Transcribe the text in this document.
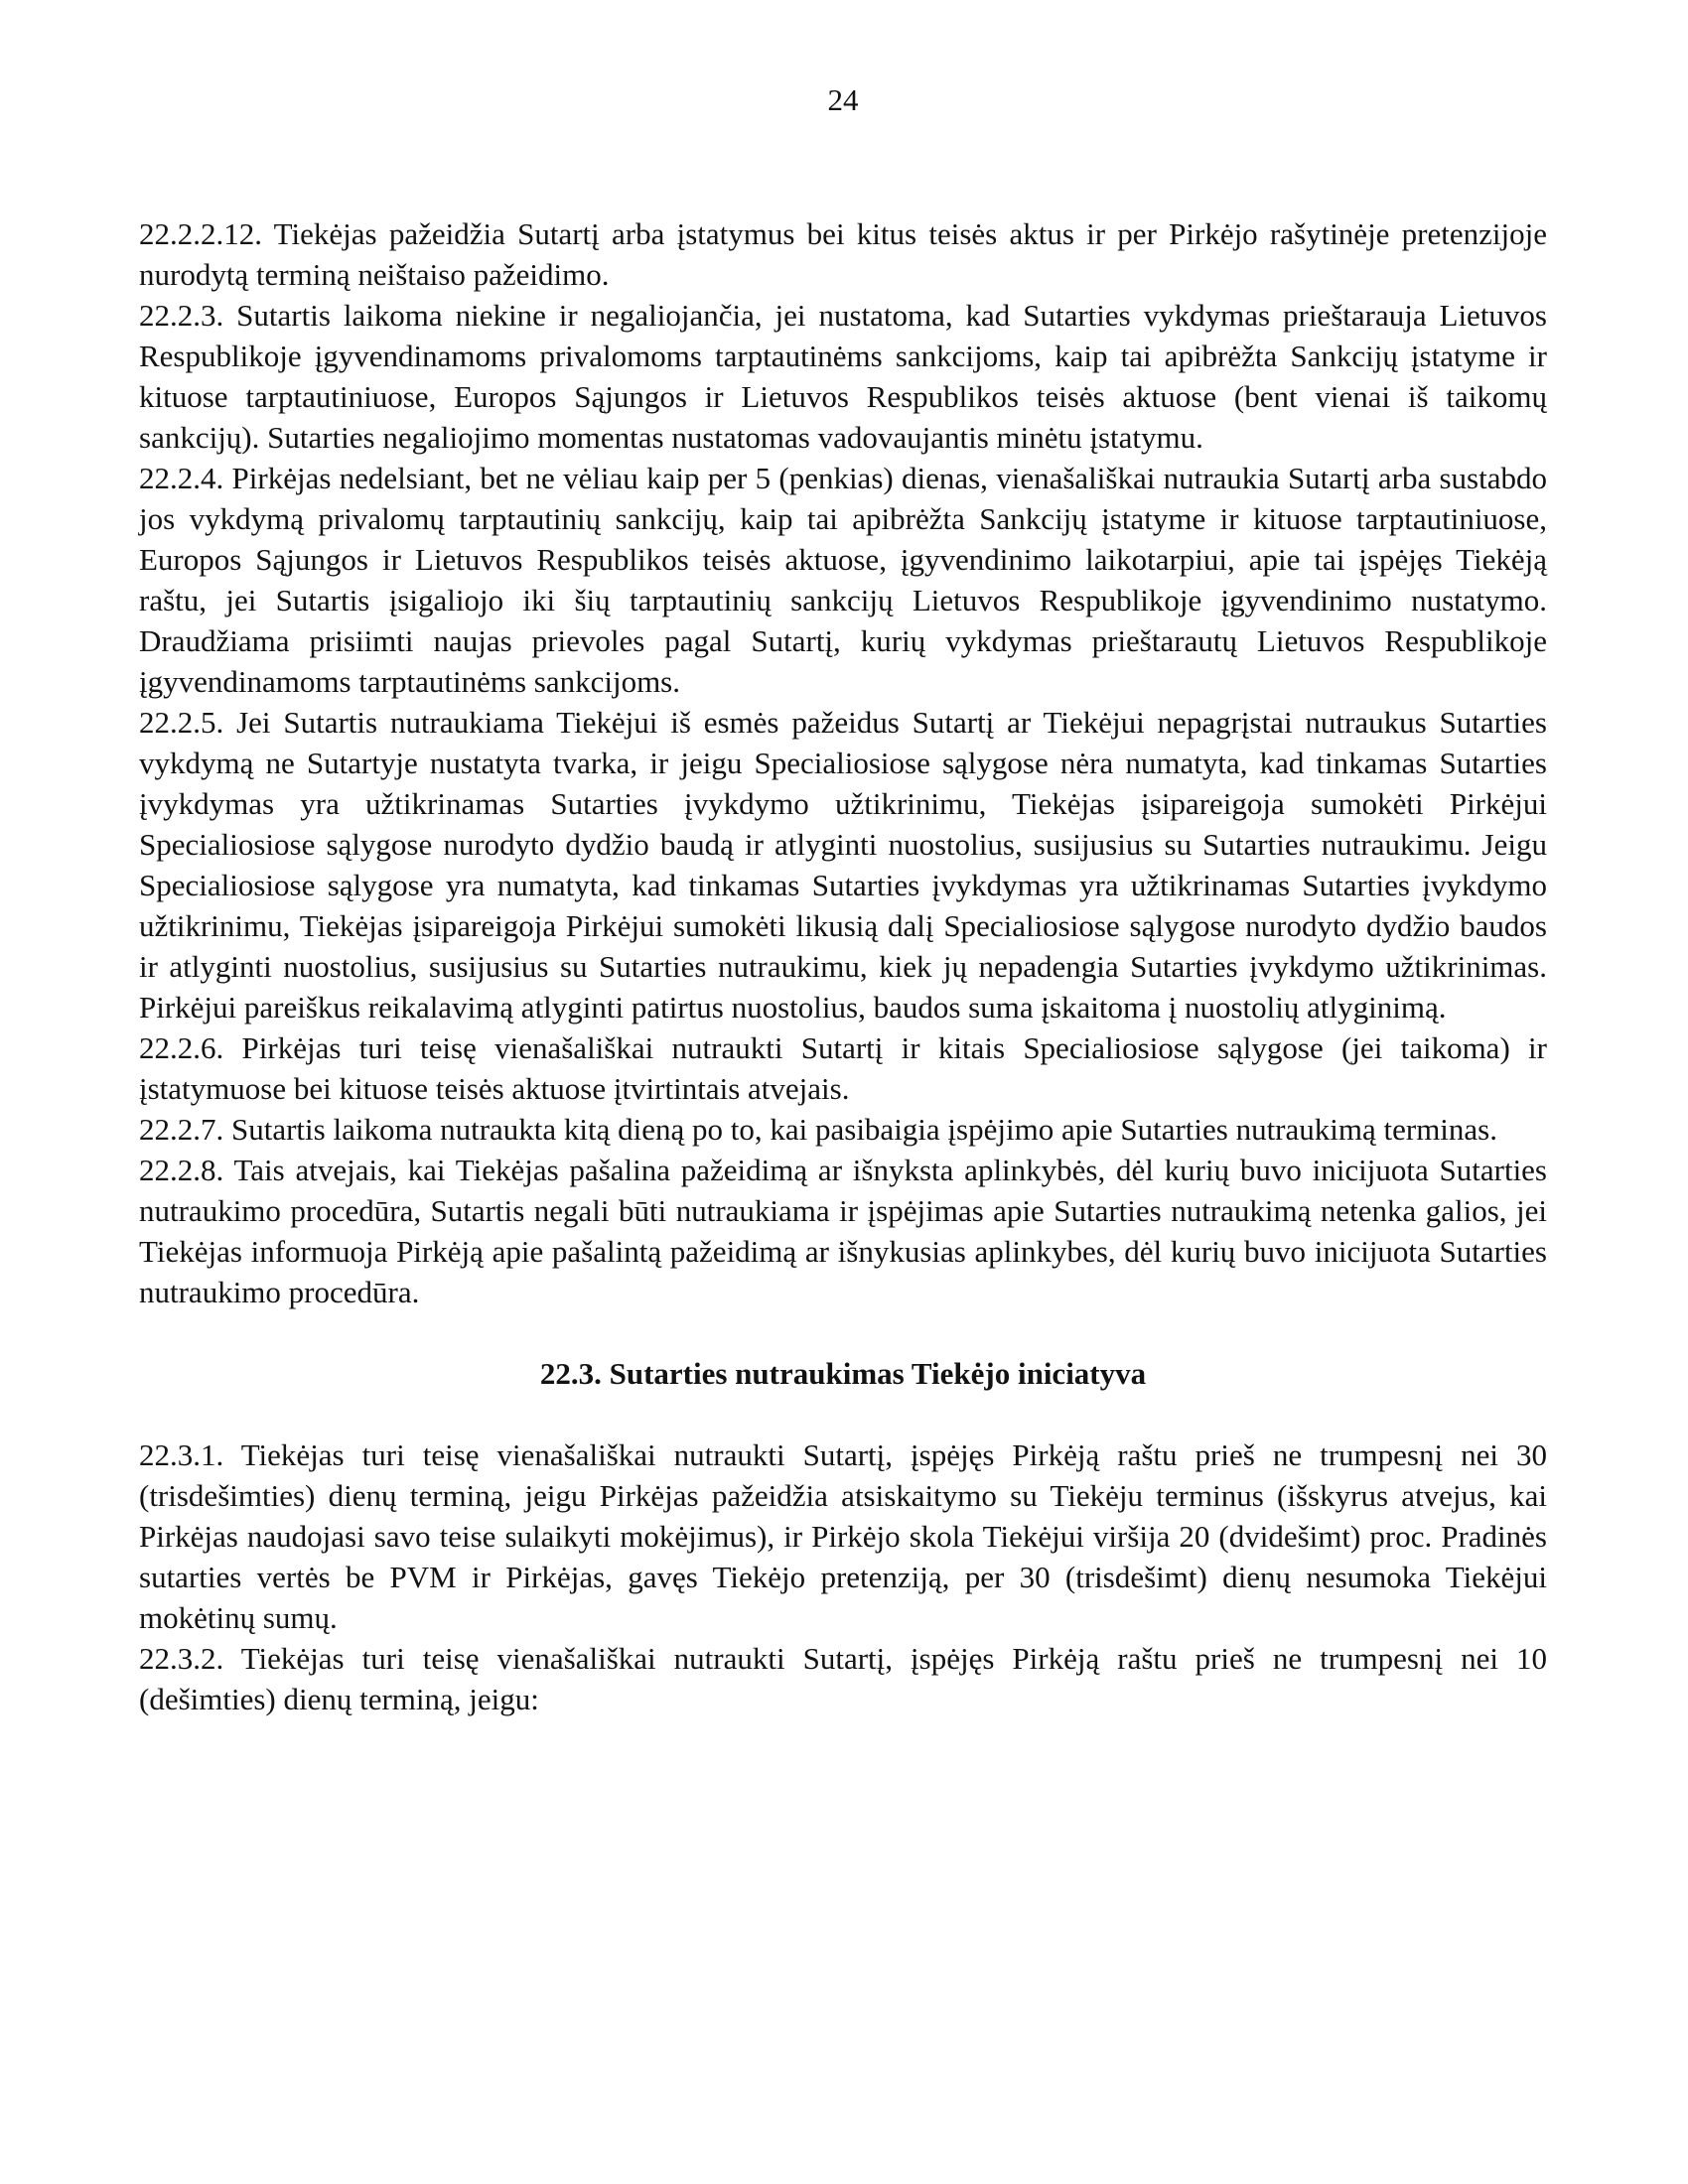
24

22.2.2.12. Tiekėjas pažeidžia Sutartį arba įstatymus bei kitus teisės aktus ir per Pirkėjo rašytinėje pretenzijoje nurodytą terminą neištaiso pažeidimo.

22.2.3. Sutartis laikoma niekine ir negaliojančia, jei nustatoma, kad Sutarties vykdymas prieštarauja Lietuvos Respublikoje įgyvendinamoms privalomoms tarptautinėms sankcijoms, kaip tai apibrėžta Sankcijų įstatyme ir kituose tarptautiniuose, Europos Sąjungos ir Lietuvos Respublikos teisės aktuose (bent vienai iš taikomų sankcijų). Sutarties negaliojimo momentas nustatomas vadovaujantis minėtu įstatymu.

22.2.4. Pirkėjas nedelsiant, bet ne vėliau kaip per 5 (penkias) dienas, vienašališkai nutraukia Sutartį arba sustabdo jos vykdymą privalomų tarptautinių sankcijų, kaip tai apibrėžta Sankcijų įstatyme ir kituose tarptautiniuose, Europos Sąjungos ir Lietuvos Respublikos teisės aktuose, įgyvendinimo laikotarpiui, apie tai įspėjęs Tiekėją raštu, jei Sutartis įsigaliojo iki šių tarptautinių sankcijų Lietuvos Respublikoje įgyvendinimo nustatymo. Draudžiama prisiimti naujas prievoles pagal Sutartį, kurių vykdymas prieštarautų Lietuvos Respublikoje įgyvendinamoms tarptautinėms sankcijoms.

22.2.5. Jei Sutartis nutraukiama Tiekėjui iš esmės pažeidus Sutartį ar Tiekėjui nepagrįstai nutraukus Sutarties vykdymą ne Sutartyje nustatyta tvarka, ir jeigu Specialiosiose sąlygose nėra numatyta, kad tinkamas Sutarties įvykdymas yra užtikrinamas Sutarties įvykdymo užtikrinimu, Tiekėjas įsipareigoja sumokėti Pirkėjui Specialiosiose sąlygose nurodyto dydžio baudą ir atlyginti nuostolius, susijusius su Sutarties nutraukimu. Jeigu Specialiosiose sąlygose yra numatyta, kad tinkamas Sutarties įvykdymas yra užtikrinamas Sutarties įvykdymo užtikrinimu, Tiekėjas įsipareigoja Pirkėjui sumokėti likusią dalį Specialiosiose sąlygose nurodyto dydžio baudos ir atlyginti nuostolius, susijusius su Sutarties nutraukimu, kiek jų nepadengia Sutarties įvykdymo užtikrinimas. Pirkėjui pareiškus reikalavimą atlyginti patirtus nuostolius, baudos suma įskaitoma į nuostolių atlyginimą.

22.2.6. Pirkėjas turi teisę vienašališkai nutraukti Sutartį ir kitais Specialiosiose sąlygose (jei taikoma) ir įstatymuose bei kituose teisės aktuose įtvirtintais atvejais.

22.2.7. Sutartis laikoma nutraukta kitą dieną po to, kai pasibaigia įspėjimo apie Sutarties nutraukimą terminas.

22.2.8. Tais atvejais, kai Tiekėjas pašalina pažeidimą ar išnyksta aplinkybės, dėl kurių buvo inicijuota Sutarties nutraukimo procedūra, Sutartis negali būti nutraukiama ir įspėjimas apie Sutarties nutraukimą netenka galios, jei Tiekėjas informuoja Pirkėją apie pašalintą pažeidimą ar išnykusias aplinkybes, dėl kurių buvo inicijuota Sutarties nutraukimo procedūra.

22.3. Sutarties nutraukimas Tiekėjo iniciatyva

22.3.1. Tiekėjas turi teisę vienašališkai nutraukti Sutartį, įspėjęs Pirkėją raštu prieš ne trumpesnį nei 30 (trisdešimties) dienų terminą, jeigu Pirkėjas pažeidžia atsiskaitymo su Tiekėju terminus (išskyrus atvejus, kai Pirkėjas naudojasi savo teise sulaikyti mokėjimus), ir Pirkėjo skola Tiekėjui viršija 20 (dvidešimt) proc. Pradinės sutarties vertės be PVM ir Pirkėjas, gavęs Tiekėjo pretenziją, per 30 (trisdešimt) dienų nesumoka Tiekėjui mokėtinų sumų.

22.3.2. Tiekėjas turi teisę vienašališkai nutraukti Sutartį, įspėjęs Pirkėją raštu prieš ne trumpesnį nei 10 (dešimties) dienų terminą, jeigu:
